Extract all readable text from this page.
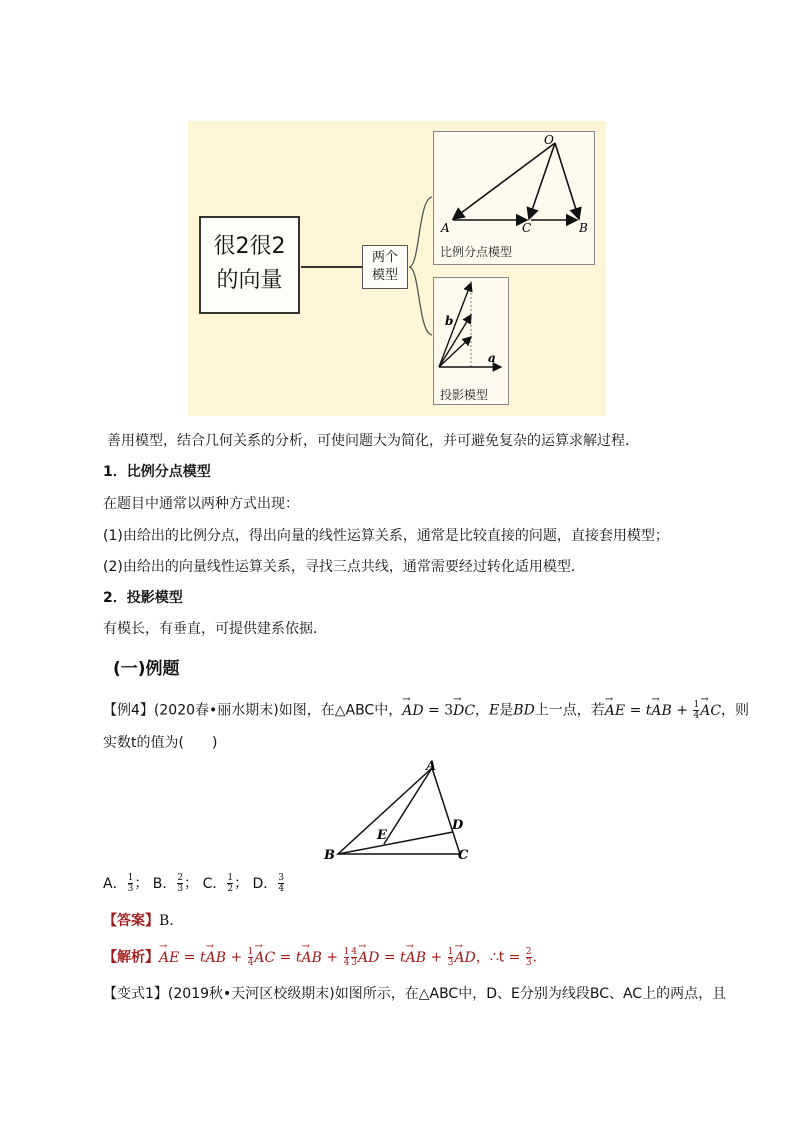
很2很2
的向量
两个
模型
O
A	C	B
比例分点模型
b
a
投影模型
善用模型，结合几何关系的分析，可使问题大为简化，并可避免复杂的运算求解过程．
1．比例分点模型
在题目中通常以两种方式出现：
(1)由给出的比例分点，得出向量的线性运算关系，通常是比较直接的问题，直接套用模型；
(2)由给出的向量线性运算关系，寻找三点共线，通常需要经过转化适用模型．
2．投影模型
有模长，有垂直，可提供建系依据．
(一)例题
【例4】(2020春•丽水期末)如图，在△ABC中，→ AD = 3→ DC，E是BD上一点，若→ AE = t→ AB + $\frac{1}{4}$ → AC，则
实数t的值为(　　)
A
B	C
D
E
A． $\frac{1}{3}$ ； B． $\frac{2}{3}$ ； C． $\frac{1}{2}$ ； D． $\frac{3}{4}$
【答案】B.
【解析】→ AE = t→ AB + $\frac{1}{4}$ → AC = t→ AB + $\frac{1}{4} \frac{4}{3}$ → AD = t→ AB + $\frac{1}{3}$ → AD，∴t = $\frac{2}{3}$ .
【变式1】(2019秋•天河区校级期末)如图所示，在△ABC中，D、E分别为线段BC、AC上的两点，且
